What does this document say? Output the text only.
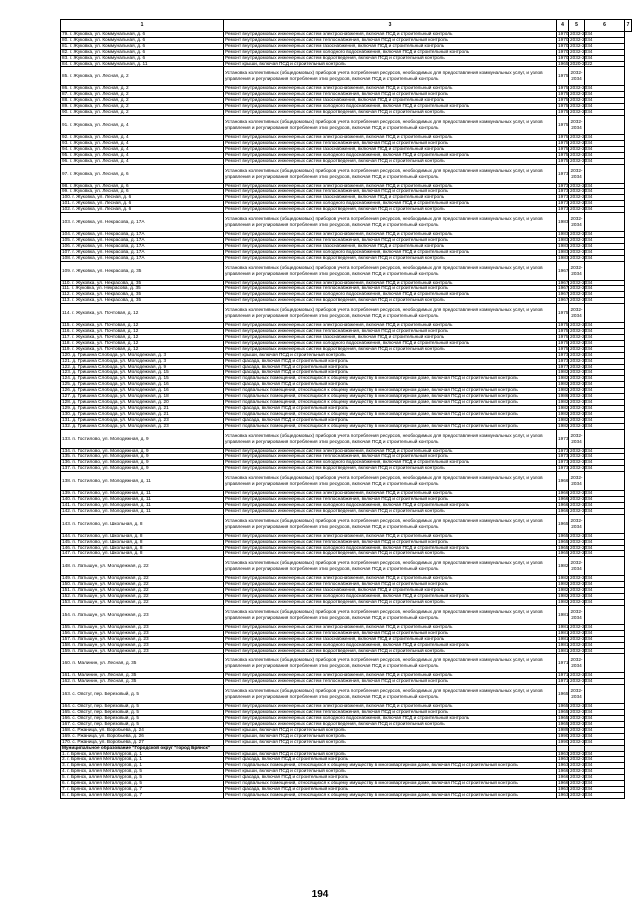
1	3	4	5	6	7
79. г. Жуковка, ул. Коммунальная, д. 6	Ремонт внутридомовых инженерных систем электроснабжения, включая ПСД и строительный контроль	1970	2032-2034		
80. г. Жуковка, ул. Коммунальная, д. 6	Ремонт внутридомовых инженерных систем теплоснабжения, включая ПСД и строительный контроль	1970	2032-2034		
81. г. Жуковка, ул. Коммунальная, д. 6	Ремонт внутридомовых инженерных систем газоснабжения, включая ПСД и строительный контроль	1970	2032-2034		
82. г. Жуковка, ул. Коммунальная, д. 6	Ремонт внутридомовых инженерных систем холодного водоснабжения, включая ПСД и строительный контроль	1970	2032-2034		
83. г. Жуковка, ул. Коммунальная, д. 6	Ремонт внутридомовых инженерных систем водоотведения, включая ПСД и строительный контроль	1970	2032-2034		
84. г. Жуковка, ул. Коммунальная, д. 11	Ремонт крыши, включая ПСД и строительный контроль	1965	2020-2022		
85. г. Жуковка, ул. Лесная, д. 2	Установка коллективных (общедомовых) приборов учета потребления ресурсов, необходимых для предоставления коммунальных услуг, и узлов управления и регулирования потребления этих ресурсов, включая ПСД и строительный контроль	1975	2032-2034		
86. г. Жуковка, ул. Лесная, д. 2	Ремонт внутридомовых инженерных систем электроснабжения, включая ПСД и строительный контроль	1975	2032-2034		
87. г. Жуковка, ул. Лесная, д. 2	Ремонт внутридомовых инженерных систем теплоснабжения, включая ПСД и строительный контроль	1975	2032-2034		
88. г. Жуковка, ул. Лесная, д. 2	Ремонт внутридомовых инженерных систем газоснабжения, включая ПСД и строительный контроль	1975	2032-2034		
89. г. Жуковка, ул. Лесная, д. 2	Ремонт внутридомовых инженерных систем холодного водоснабжения, включая ПСД и строительный контроль	1975	2032-2034		
90. г. Жуковка, ул. Лесная, д. 2	Ремонт внутридомовых инженерных систем водоотведения, включая ПСД и строительный контроль	1975	2032-2034		
91. г. Жуковка, ул. Лесная, д. 4	Установка коллективных (общедомовых) приборов учета потребления ресурсов, необходимых для предоставления коммунальных услуг, и узлов управления и регулирования потребления этих ресурсов, включая ПСД и строительный контроль	1975	2032-2034		
92. г. Жуковка, ул. Лесная, д. 4	Ремонт внутридомовых инженерных систем электроснабжения, включая ПСД и строительный контроль	1975	2032-2034		
93. г. Жуковка, ул. Лесная, д. 4	Ремонт внутридомовых инженерных систем теплоснабжения, включая ПСД и строительный контроль	1975	2032-2034		
94. г. Жуковка, ул. Лесная, д. 4	Ремонт внутридомовых инженерных систем газоснабжения, включая ПСД и строительный контроль	1975	2032-2034		
95. г. Жуковка, ул. Лесная, д. 4	Ремонт внутридомовых инженерных систем холодного водоснабжения, включая ПСД и строительный контроль	1975	2032-2034		
96. г. Жуковка, ул. Лесная, д. 4	Ремонт внутридомовых инженерных систем водоотведения, включая ПСД и строительный контроль	1975	2032-2034		
97. г. Жуковка, ул. Лесная, д. 6	Установка коллективных (общедомовых) приборов учета потребления ресурсов, необходимых для предоставления коммунальных услуг, и узлов управления и регулирования потребления этих ресурсов, включая ПСД и строительный контроль	1973	2032-2034		
98. г. Жуковка, ул. Лесная, д. 6	Ремонт внутридомовых инженерных систем электроснабжения, включая ПСД и строительный контроль	1973	2032-2034		
99. г. Жуковка, ул. Лесная, д. 6	Ремонт внутридомовых инженерных систем теплоснабжения, включая ПСД и строительный контроль	1973	2032-2034		
100. г. Жуковка, ул. Лесная, д. 6	Ремонт внутридомовых инженерных систем газоснабжения, включая ПСД и строительный контроль	1973	2032-2034		
101. г. Жуковка, ул. Лесная, д. 6	Ремонт внутридомовых инженерных систем холодного водоснабжения, включая ПСД и строительный контроль	1973	2032-2034		
102. г. Жуковка, ул. Лесная, д. 6	Ремонт внутридомовых инженерных систем водоотведения, включая ПСД и строительный контроль	1973	2032-2034		
103. г. Жуковка, ул. Некрасова, д. 17А	Установка коллективных (общедомовых) приборов учета потребления ресурсов, необходимых для предоставления коммунальных услуг, и узлов управления и регулирования потребления этих ресурсов, включая ПСД и строительный контроль	1983	2032-2034		
104. г. Жуковка, ул. Некрасова, д. 17А	Ремонт внутридомовых инженерных систем электроснабжения, включая ПСД и строительный контроль	1983	2032-2034		
105. г. Жуковка, ул. Некрасова, д. 17А	Ремонт внутридомовых инженерных систем теплоснабжения, включая ПСД и строительный контроль	1983	2032-2034		
106. г. Жуковка, ул. Некрасова, д. 17А	Ремонт внутридомовых инженерных систем газоснабжения, включая ПСД и строительный контроль	1983	2032-2034		
107. г. Жуковка, ул. Некрасова, д. 17А	Ремонт внутридомовых инженерных систем холодного водоснабжения, включая ПСД и строительный контроль	1983	2032-2034		
108. г. Жуковка, ул. Некрасова, д. 17А	Ремонт внутридомовых инженерных систем водоотведения, включая ПСД и строительный контроль	1983	2032-2034		
109. г. Жуковка, ул. Некрасова, д. 35	Установка коллективных (общедомовых) приборов учета потребления ресурсов, необходимых для предоставления коммунальных услуг, и узлов управления и регулирования потребления этих ресурсов, включая ПСД и строительный контроль	1967	2032-2034		
110. г. Жуковка, ул. Некрасова, д. 35	Ремонт внутридомовых инженерных систем электроснабжения, включая ПСД и строительный контроль	1967	2032-2034		
111. г. Жуковка, ул. Некрасова, д. 35	Ремонт внутридомовых инженерных систем теплоснабжения, включая ПСД и строительный контроль	1967	2032-2034		
112. г. Жуковка, ул. Некрасова, д. 35	Ремонт внутридомовых инженерных систем холодного водоснабжения, включая ПСД и строительный контроль	1967	2032-2034		
113. г. Жуковка, ул. Некрасова, д. 35	Ремонт внутридомовых инженерных систем водоотведения, включая ПСД и строительный контроль	1967	2032-2034		
114. г. Жуковка, ул. Почтовая, д. 12	Установка коллективных (общедомовых) приборов учета потребления ресурсов, необходимых для предоставления коммунальных услуг, и узлов управления и регулирования потребления этих ресурсов, включая ПСД и строительный контроль	1975	2032-2034		
115. г. Жуковка, ул. Почтовая, д. 12	Ремонт внутридомовых инженерных систем электроснабжения, включая ПСД и строительный контроль	1975	2032-2034		
116. г. Жуковка, ул. Почтовая, д. 12	Ремонт внутридомовых инженерных систем теплоснабжения, включая ПСД и строительный контроль	1975	2032-2034		
117. г. Жуковка, ул. Почтовая, д. 12	Ремонт внутридомовых инженерных систем газоснабжения, включая ПСД и строительный контроль	1975	2032-2034		
118. г. Жуковка, ул. Почтовая, д. 12	Ремонт внутридомовых инженерных систем холодного водоснабжения, включая ПСД и строительный контроль	1975	2032-2034		
119. г. Жуковка, ул. Почтовая, д. 12	Ремонт внутридомовых инженерных систем водоотведения, включая ПСД и строительный контроль	1975	2032-2034		
120. д. Гришина Слобода, ул. Молодежная, д. 3	Ремонт крыши, включая ПСД и строительный контроль	1973	2032-2034		
121. д. Гришина Слобода, ул. Молодежная, д. 3	Ремонт фасада, включая ПСД и строительный контроль	1973	2032-2034		
122. д. Гришина Слобода, ул. Молодежная, д. 9	Ремонт фасада, включая ПСД и строительный контроль	1977	2032-2034		
123. д. Гришина Слобода, ул. Молодежная, д. 15	Ремонт фасада, включая ПСД и строительный контроль	1982	2032-2034		
124. д. Гришина Слобода, ул. Молодежная, д. 15	Ремонт подвальных помещений, относящихся к общему имуществу в многоквартирном доме, включая ПСД и строительный контроль	1982	2032-2034		
125. д. Гришина Слобода, ул. Молодежная, д. 16	Ремонт фасада, включая ПСД и строительный контроль	1982	2032-2034		
126. д. Гришина Слобода, ул. Молодежная, д. 16	Ремонт подвальных помещений, относящихся к общему имуществу в многоквартирном доме, включая ПСД и строительный контроль	1982	2032-2034		
127. д. Гришина Слобода, ул. Молодежная, д. 18	Ремонт подвальных помещений, относящихся к общему имуществу в многоквартирном доме, включая ПСД и строительный контроль	1986	2032-2034		
128. д. Гришина Слобода, ул. Молодежная, д. 20	Ремонт подвальных помещений, относящихся к общему имуществу в многоквартирном доме, включая ПСД и строительный контроль	1982	2032-2034		
129. д. Гришина Слобода, ул. Молодежная, д. 21	Ремонт фасада, включая ПСД и строительный контроль	1982	2032-2034		
130. д. Гришина Слобода, ул. Молодежная, д. 21	Ремонт подвальных помещений, относящихся к общему имуществу в многоквартирном доме, включая ПСД и строительный контроль	1982	2032-2034		
131. д. Гришина Слобода, ул. Молодежная, д. 23	Ремонт фасада, включая ПСД и строительный контроль	1982	2032-2034		
132. д. Гришина Слобода, ул. Молодежная, д. 23	Ремонт подвальных помещений, относящихся к общему имуществу в многоквартирном доме, включая ПСД и строительный контроль	1982	2032-2034		
133. п. Гостилово, ул. Молодежная, д. 9	Установка коллективных (общедомовых) приборов учета потребления ресурсов, необходимых для предоставления коммунальных услуг, и узлов управления и регулирования потребления этих ресурсов, включая ПСД и строительный контроль	1973	2032-2034		
134. п. Гостилово, ул. Молодежная, д. 9	Ремонт внутридомовых инженерных систем электроснабжения, включая ПСД и строительный контроль	1973	2032-2034		
135. п. Гостилово, ул. Молодежная, д. 9	Ремонт внутридомовых инженерных систем теплоснабжения, включая ПСД и строительный контроль	1973	2032-2034		
136. п. Гостилово, ул. Молодежная, д. 9	Ремонт внутридомовых инженерных систем холодного водоснабжения, включая ПСД и строительный контроль	1973	2032-2034		
137. п. Гостилово, ул. Молодежная, д. 9	Ремонт внутридомовых инженерных систем водоотведения, включая ПСД и строительный контроль	1973	2032-2034		
138. п. Гостилово, ул. Молодежная, д. 11	Установка коллективных (общедомовых) приборов учета потребления ресурсов, необходимых для предоставления коммунальных услуг, и узлов управления и регулирования потребления этих ресурсов, включая ПСД и строительный контроль	1966	2032-2034		
139. п. Гостилово, ул. Молодежная, д. 11	Ремонт внутридомовых инженерных систем электроснабжения, включая ПСД и строительный контроль	1966	2032-2034		
140. п. Гостилово, ул. Молодежная, д. 11	Ремонт внутридомовых инженерных систем теплоснабжения, включая ПСД и строительный контроль	1966	2032-2034		
141. п. Гостилово, ул. Молодежная, д. 11	Ремонт внутридомовых инженерных систем холодного водоснабжения, включая ПСД и строительный контроль	1966	2032-2034		
142. п. Гостилово, ул. Молодежная, д. 11	Ремонт внутридомовых инженерных систем водоотведения, включая ПСД и строительный контроль	1966	2032-2034		
143. п. Гостилово, ул. Школьная, д. 8	Установка коллективных (общедомовых) приборов учета потребления ресурсов, необходимых для предоставления коммунальных услуг, и узлов управления и регулирования потребления этих ресурсов, включая ПСД и строительный контроль	1965	2032-2034		
144. п. Гостилово, ул. Школьная, д. 8	Ремонт внутридомовых инженерных систем электроснабжения, включая ПСД и строительный контроль	1965	2032-2034		
145. п. Гостилово, ул. Школьная, д. 8	Ремонт внутридомовых инженерных систем теплоснабжения, включая ПСД и строительный контроль	1965	2032-2034		
146. п. Гостилово, ул. Школьная, д. 8	Ремонт внутридомовых инженерных систем холодного водоснабжения, включая ПСД и строительный контроль	1965	2032-2034		
147. п. Гостилово, ул. Школьная, д. 8	Ремонт внутридомовых инженерных систем водоотведения, включая ПСД и строительный контроль	1965	2032-2034		
148. п. Латышун, ул. Молодежная, д. 22	Установка коллективных (общедомовых) приборов учета потребления ресурсов, необходимых для предоставления коммунальных услуг, и узлов управления и регулирования потребления этих ресурсов, включая ПСД и строительный контроль	1982	2032-2034		
149. п. Латышун, ул. Молодежная, д. 22	Ремонт внутридомовых инженерных систем электроснабжения, включая ПСД и строительный контроль	1982	2032-2034		
150. п. Латышун, ул. Молодежная, д. 22	Ремонт внутридомовых инженерных систем теплоснабжения, включая ПСД и строительный контроль	1982	2032-2034		
151. п. Латышун, ул. Молодежная, д. 22	Ремонт внутридомовых инженерных систем газоснабжения, включая ПСД и строительный контроль	1982	2032-2034		
152. п. Латышун, ул. Молодежная, д. 22	Ремонт внутридомовых инженерных систем холодного водоснабжения, включая ПСД и строительный контроль	1982	2032-2034		
153. п. Латышун, ул. Молодежная, д. 22	Ремонт внутридомовых инженерных систем водоотведения, включая ПСД и строительный контроль	1982	2032-2034		
154. п. Латышун, ул. Молодежная, д. 23	Установка коллективных (общедомовых) приборов учета потребления ресурсов, необходимых для предоставления коммунальных услуг, и узлов управления и регулирования потребления этих ресурсов, включая ПСД и строительный контроль	1981	2032-2034		
155. п. Латышун, ул. Молодежная, д. 23	Ремонт внутридомовых инженерных систем электроснабжения, включая ПСД и строительный контроль	1981	2032-2034		
156. п. Латышун, ул. Молодежная, д. 23	Ремонт внутридомовых инженерных систем теплоснабжения, включая ПСД и строительный контроль	1981	2032-2034		
157. п. Латышун, ул. Молодежная, д. 23	Ремонт внутридомовых инженерных систем газоснабжения, включая ПСД и строительный контроль	1981	2032-2034		
158. п. Латышун, ул. Молодежная, д. 23	Ремонт внутридомовых инженерных систем холодного водоснабжения, включая ПСД и строительный контроль	1981	2032-2034		
159. п. Латышун, ул. Молодежная, д. 23	Ремонт внутридомовых инженерных систем водоотведения, включая ПСД и строительный контроль	1981	2032-2034		
160. п. Малинин, ул. Лесная, д. 35	Установка коллективных (общедомовых) приборов учета потребления ресурсов, необходимых для предоставления коммунальных услуг, и узлов управления и регулирования потребления этих ресурсов, включая ПСД и строительный контроль	1971	2032-2034		
161. п. Малинин, ул. Лесная, д. 35	Ремонт внутридомовых инженерных систем электроснабжения, включая ПСД и строительный контроль	1971	2032-2034		
162. п. Малинин, ул. Лесная, д. 35	Ремонт внутридомовых инженерных систем теплоснабжения, включая ПСД и строительный контроль	1971	2032-2034		
163. с. Овстуг, пер. Березовый, д. 5	Установка коллективных (общедомовых) приборов учета потребления ресурсов, необходимых для предоставления коммунальных услуг, и узлов управления и регулирования потребления этих ресурсов, включая ПСД и строительный контроль	1965	2032-2034		
164. с. Овстуг, пер. Березовый, д. 5	Ремонт внутридомовых инженерных систем электроснабжения, включая ПСД и строительный контроль	1965	2032-2034		
165. с. Овстуг, пер. Березовый, д. 5	Ремонт внутридомовых инженерных систем теплоснабжения, включая ПСД и строительный контроль	1965	2032-2034		
166. с. Овстуг, пер. Березовый, д. 5	Ремонт внутридомовых инженерных систем холодного водоснабжения, включая ПСД и строительный контроль	1965	2032-2034		
167. с. Овстуг, пер. Березовый, д. 5	Ремонт внутридомовых инженерных систем водоотведения, включая ПСД и строительный контроль	1965	2032-2034		
168. с. Ржаница, ул. Воробьева, д. 24	Ремонт крыши, включая ПСД и строительный контроль	1989	2032-2034		
169. с. Ржаница, ул. Воробьева, д. 26	Ремонт крыши, включая ПСД и строительный контроль	1990	2032-2034		
170. с. Ржаница, ул. Воробьева, д. 27	Ремонт крыши, включая ПСД и строительный контроль	1990	2032-2034		
Муниципальное образование "Городской округ "город Брянск"					
1. г. Брянск, аллея Металлургов, д. 1	Ремонт крыши, включая ПСД и строительный контроль	1963	2032-2034		
2. г. Брянск, аллея Металлургов, д. 1	Ремонт фасада, включая ПСД и строительный контроль	1963	2032-2034		
3. г. Брянск, аллея Металлургов, д. 1	Ремонт подвальных помещений, относящихся к общему имуществу в многоквартирном доме, включая ПСД и строительный контроль	1963	2032-2034		
4. г. Брянск, аллея Металлургов, д. 5	Ремонт крыши, включая ПСД и строительный контроль	1966	2032-2034		
5. г. Брянск, аллея Металлургов, д. 5	Ремонт фасада, включая ПСД и строительный контроль	1966	2032-2034		
6. г. Брянск, аллея Металлургов, д. 5	Ремонт подвальных помещений, относящихся к общему имуществу в многоквартирном доме, включая ПСД и строительный контроль	1966	2032-2034		
7. г. Брянск, аллея Металлургов, д. 7	Ремонт фасада, включая ПСД и строительный контроль	1963	2032-2034		
8. г. Брянск, аллея Металлургов, д. 7	Ремонт подвальных помещений, относящихся к общему имуществу в многоквартирном доме, включая ПСД и строительный контроль	1963	2032-2034		
194
